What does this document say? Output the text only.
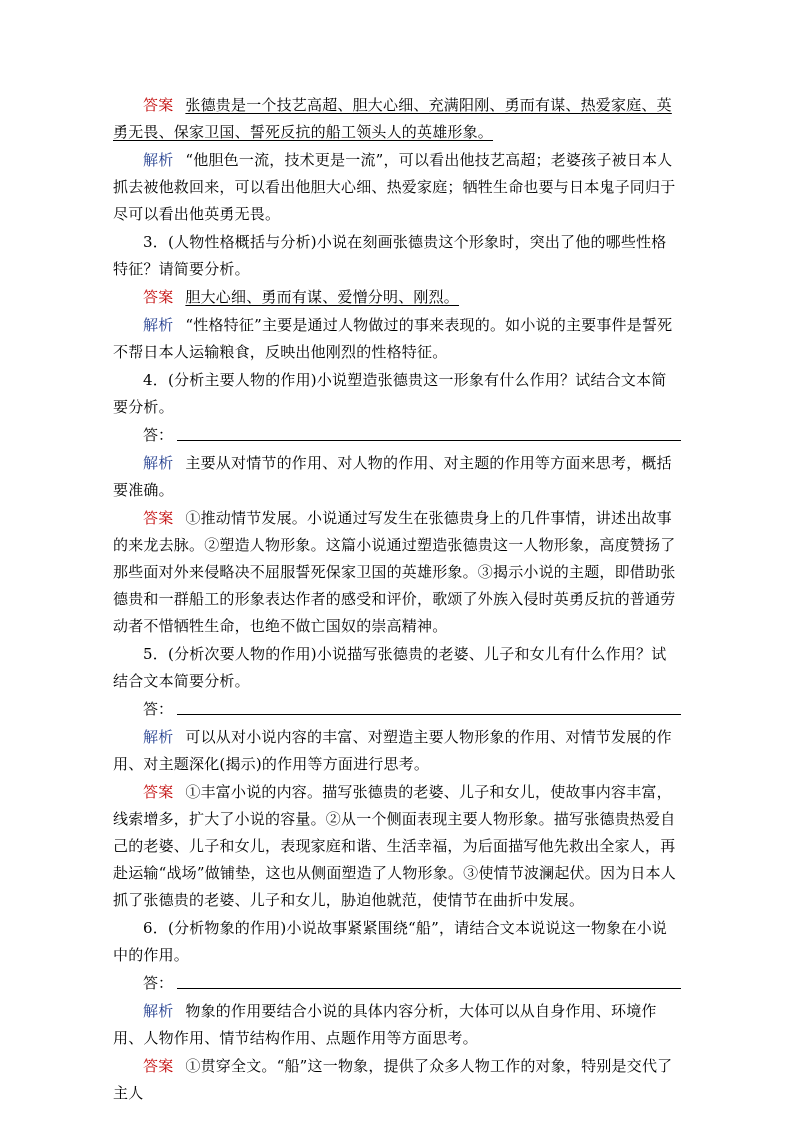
答案 张德贵是一个技艺高超、胆大心细、充满阳刚、勇而有谋、热爱家庭、英勇无畏、保家卫国、誓死反抗的船工领头人的英雄形象。

解析 “他胆色一流，技术更是一流”，可以看出他技艺高超；老婆孩子被日本人抓去被他救回来，可以看出他胆大心细、热爱家庭；牺牲生命也要与日本鬼子同归于尽可以看出他英勇无畏。

3．(人物性格概括与分析)小说在刻画张德贵这个形象时，突出了他的哪些性格特征？请简要分析。

答案 胆大心细、勇而有谋、爱憎分明、刚烈。

解析 “性格特征”主要是通过人物做过的事来表现的。如小说的主要事件是誓死不帮日本人运输粮食，反映出他刚烈的性格特征。

4．(分析主要人物的作用)小说塑造张德贵这一形象有什么作用？试结合文本简要分析。

答：

解析 主要从对情节的作用、对人物的作用、对主题的作用等方面来思考，概括要准确。

答案 ①推动情节发展。小说通过写发生在张德贵身上的几件事情，讲述出故事的来龙去脉。②塑造人物形象。这篇小说通过塑造张德贵这一人物形象，高度赞扬了那些面对外来侵略决不屈服誓死保家卫国的英雄形象。③揭示小说的主题，即借助张德贵和一群船工的形象表达作者的感受和评价，歌颂了外族入侵时英勇反抗的普通劳动者不惜牺牲生命，也绝不做亡国奴的崇高精神。

5．(分析次要人物的作用)小说描写张德贵的老婆、儿子和女儿有什么作用？试结合文本简要分析。

答：

解析 可以从对小说内容的丰富、对塑造主要人物形象的作用、对情节发展的作用、对主题深化(揭示)的作用等方面进行思考。

答案 ①丰富小说的内容。描写张德贵的老婆、儿子和女儿，使故事内容丰富，线索增多，扩大了小说的容量。②从一个侧面表现主要人物形象。描写张德贵热爱自己的老婆、儿子和女儿，表现家庭和谐、生活幸福，为后面描写他先救出全家人，再赴运输“战场”做铺垫，这也从侧面塑造了人物形象。③使情节波澜起伏。因为日本人抓了张德贵的老婆、儿子和女儿，胁迫他就范，使情节在曲折中发展。

6．(分析物象的作用)小说故事紧紧围绕“船”，请结合文本说说这一物象在小说中的作用。

答：

解析 物象的作用要结合小说的具体内容分析，大体可以从自身作用、环境作用、人物作用、情节结构作用、点题作用等方面思考。

答案 ①贯穿全文。“船”这一物象，提供了众多人物工作的对象，特别是交代了主人
